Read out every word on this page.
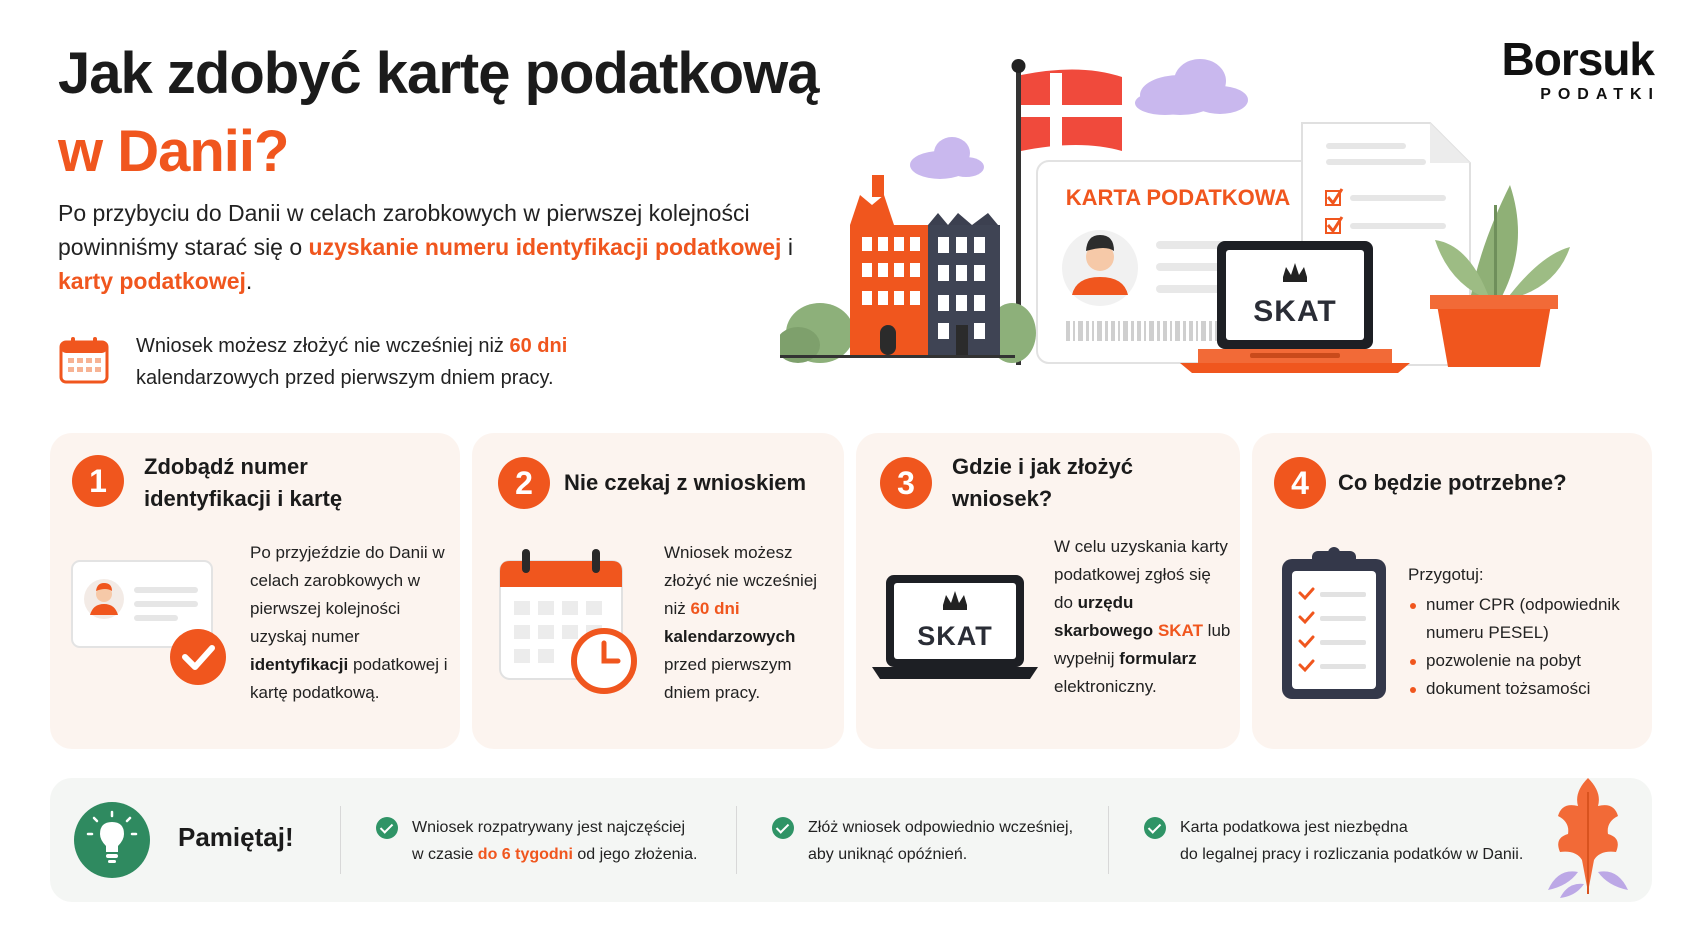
Jak zdobyć kartę podatkową
w Danii?

Po przybyciu do Danii w celach zarobkowych w pierwszej kolejności powinniśmy starać się o uzyskanie numeru identyfikacji podatkowej i karty podatkowej.

Wniosek możesz złożyć nie wcześniej niż 60 dni
kalendarzowych przed pierwszym dniem pracy.
Borsuk
PODATKI
KARTA PODATKOWA
SKAT
1	Zdobądź numer identyfikacji i kartę
Po przyjeździe do Danii w celach zarobkowych w pierwszej kolejności uzyskaj numer identyfikacji podatkowej i kartę podatkową.
2	Nie czekaj z wnioskiem
Wniosek możesz złożyć nie wcześniej niż 60 dni kalendarzowych przed pierwszym dniem pracy.
3	Gdzie i jak złożyć wniosek?
SKAT
W celu uzyskania karty podatkowej zgłoś się do urzędu skarbowego SKAT lub wypełnij formularz elektroniczny.
4	Co będzie potrzebne?
Przygotuj:
numer CPR (odpowiednik numeru PESEL)
pozwolenie na pobyt
dokument tożsamości
Pamiętaj!	Wniosek rozpatrywany jest najczęściej
w czasie do 6 tygodni od jego złożenia.
Złóż wniosek odpowiednio wcześniej,
aby uniknąć opóźnień.
Karta podatkowa jest niezbędna
do legalnej pracy i rozliczania podatków w Danii.
